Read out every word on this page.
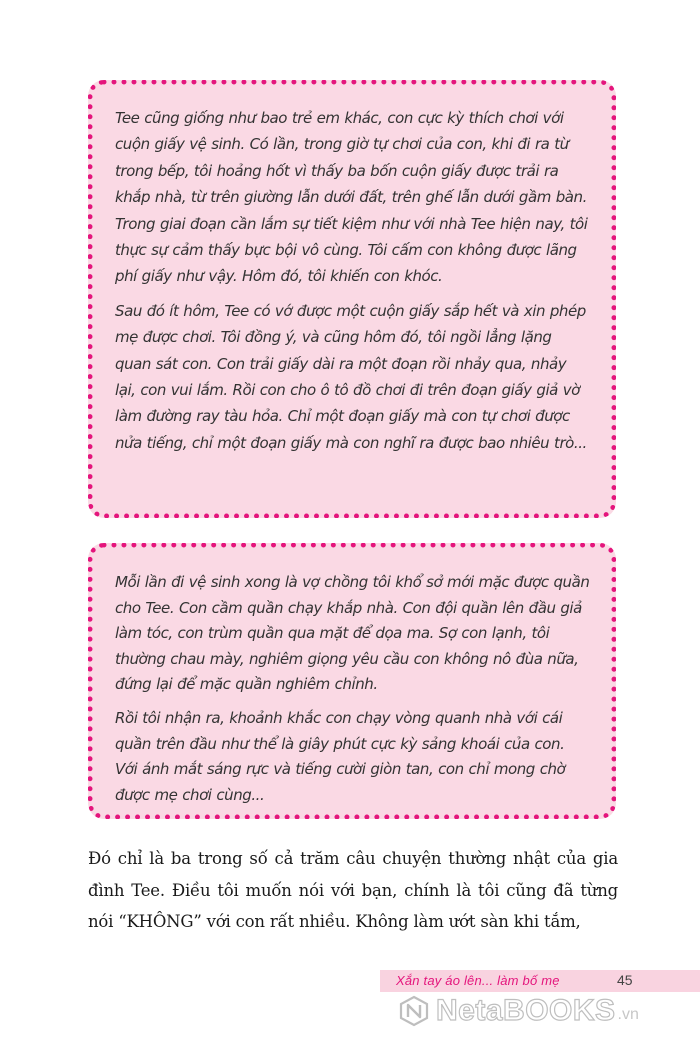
Tee cũng giống như bao trẻ em khác, con cực kỳ thích chơi với cuộn giấy vệ sinh. Có lần, trong giờ tự chơi của con, khi đi ra từ trong bếp, tôi hoảng hốt vì thấy ba bốn cuộn giấy được trải ra khắp nhà, từ trên giường lẫn dưới đất, trên ghế lẫn dưới gầm bàn. Trong giai đoạn cần lắm sự tiết kiệm như với nhà Tee hiện nay, tôi thực sự cảm thấy bực bội vô cùng. Tôi cấm con không được lãng phí giấy như vậy. Hôm đó, tôi khiến con khóc.

Sau đó ít hôm, Tee có vớ được một cuộn giấy sắp hết và xin phép mẹ được chơi. Tôi đồng ý, và cũng hôm đó, tôi ngồi lẳng lặng quan sát con. Con trải giấy dài ra một đoạn rồi nhảy qua, nhảy lại, con vui lắm. Rồi con cho ô tô đồ chơi đi trên đoạn giấy giả vờ làm đường ray tàu hỏa. Chỉ một đoạn giấy mà con tự chơi được nửa tiếng, chỉ một đoạn giấy mà con nghĩ ra được bao nhiêu trò...

Mỗi lần đi vệ sinh xong là vợ chồng tôi khổ sở mới mặc được quần cho Tee. Con cầm quần chạy khắp nhà. Con đội quần lên đầu giả làm tóc, con trùm quần qua mặt để dọa ma. Sợ con lạnh, tôi thường chau mày, nghiêm giọng yêu cầu con không nô đùa nữa, đứng lại để mặc quần nghiêm chỉnh.

Rồi tôi nhận ra, khoảnh khắc con chạy vòng quanh nhà với cái quần trên đầu như thể là giây phút cực kỳ sảng khoái của con. Với ánh mắt sáng rực và tiếng cười giòn tan, con chỉ mong chờ được mẹ chơi cùng...

Đó chỉ là ba trong số cả trăm câu chuyện thường nhật của gia đình Tee. Điều tôi muốn nói với bạn, chính là tôi cũng đã từng nói “KHÔNG” với con rất nhiều. Không làm ướt sàn khi tắm,

Xắn tay áo lên... làm bố mẹ	45
NetaBOOKS .vn
